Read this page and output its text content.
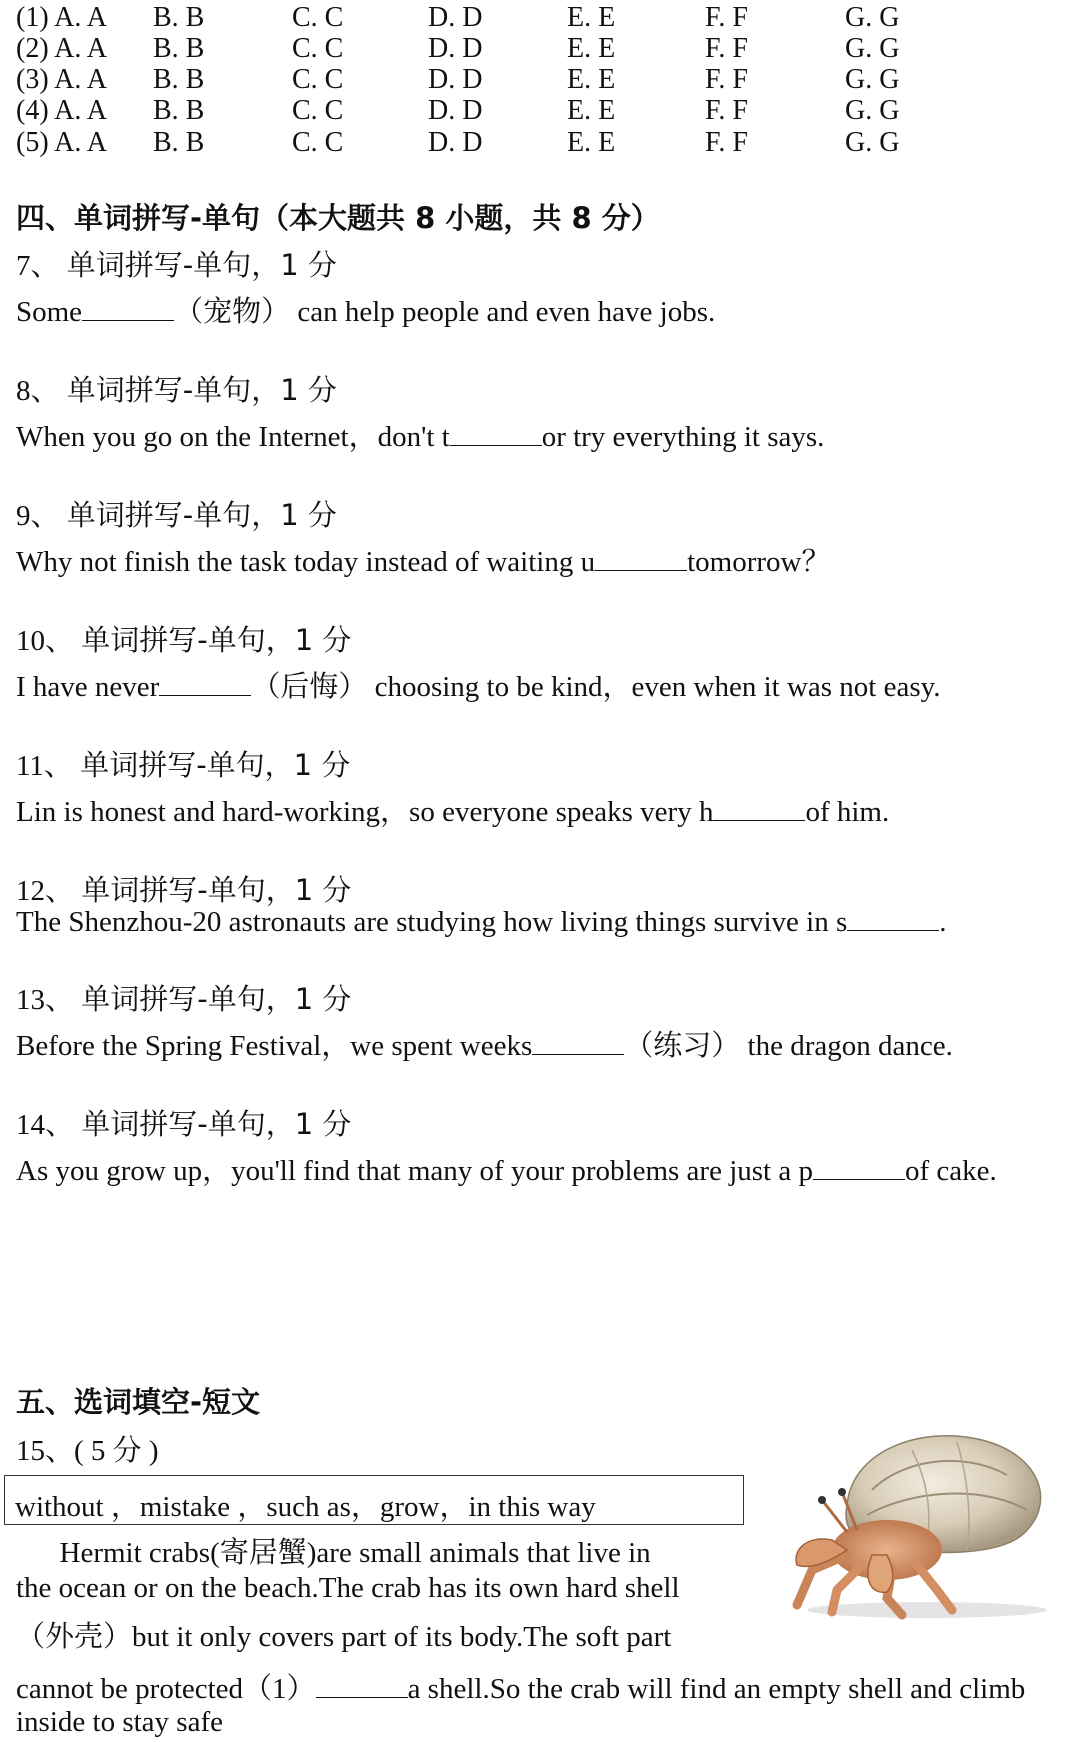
(1) A. A B. B	C. C	D. D	E. E	F. F	G. G
(2) A. A B. B	C. C	D. D	E. E	F. F	G. G
(3) A. A B. B	C. C	D. D	E. E	F. F	G. G
(4) A. A B. B	C. C	D. D	E. E	F. F	G. G
(5) A. A B. B	C. C	D. D	E. E	F. F	G. G
四、单词拼写-单句（本大题共 8 小题，共 8 分）
7、 单词拼写-单句，1 分
Some	（宠物） can help people and even have jobs.
8、 单词拼写-单句，1 分
When you go on the Internet，don't t	or try everything it says.
9、 单词拼写-单句，1 分
Why not finish the task today instead of waiting u	tomorrow？
10、 单词拼写-单句，1 分
I have never	（后悔） choosing to be kind，even when it was not easy.
11、 单词拼写-单句，1 分
Lin is honest and hard-working，so everyone speaks very h	of him.
12、 单词拼写-单句，1 分
The Shenzhou-20 astronauts are studying how living things survive in s	.
13、 单词拼写-单句，1 分
Before the Spring Festival，we spent weeks	（练习） the dragon dance.
14、 单词拼写-单句，1 分
As you grow up，you'll find that many of your problems are just a p	of cake.
五、选词填空-短文
15、( 5 分 )
without ，mistake ，such as，grow，in this way
Hermit crabs(寄居蟹)are small animals that live in
the ocean or on the beach.The crab has its own hard shell
（外壳）but it only covers part of its body.The soft part
cannot be protected（1）	a shell.So the crab will find an empty shell and climb
inside to stay safe
